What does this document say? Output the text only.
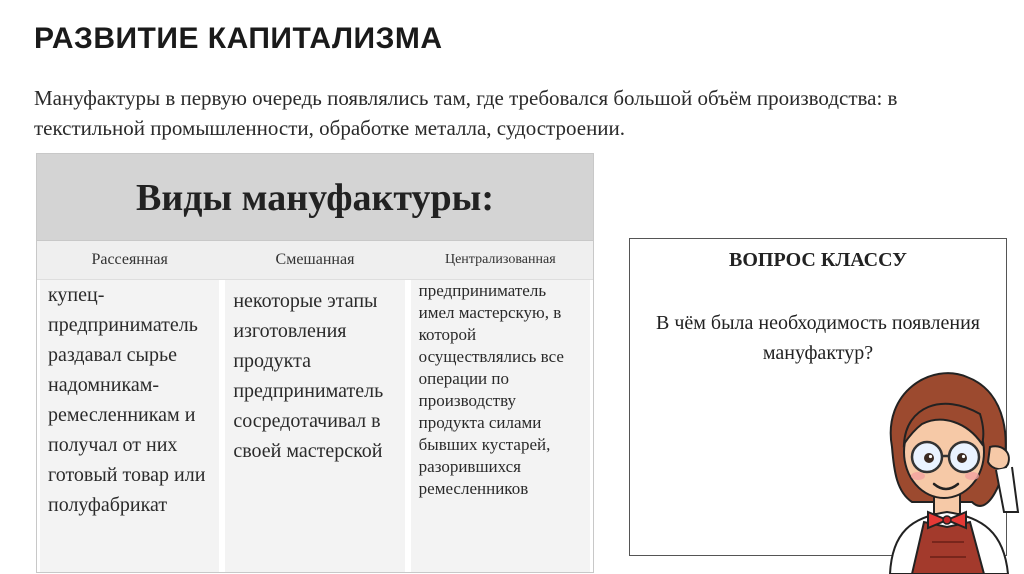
РАЗВИТИЕ КАПИТАЛИЗМА
Мануфактуры в первую очередь появлялись там, где требовался большой объём производства: в текстильной промышленности, обработке металла, судостроении.
Виды мануфактуры:
Рассеянная	Смешанная	Централизованная
купец-предприниматель раздавал сырье надомникам-ремесленникам и получал от них готовый товар или полуфабрикат
некоторые этапы изготовления продукта предприниматель сосредотачивал в своей мастерской
предприниматель имел мастерскую, в которой осуществлялись все операции по производству продукта силами бывших кустарей, разорившихся ремесленников
ВОПРОС КЛАССУ
В чём была необходимость появления мануфактур?
